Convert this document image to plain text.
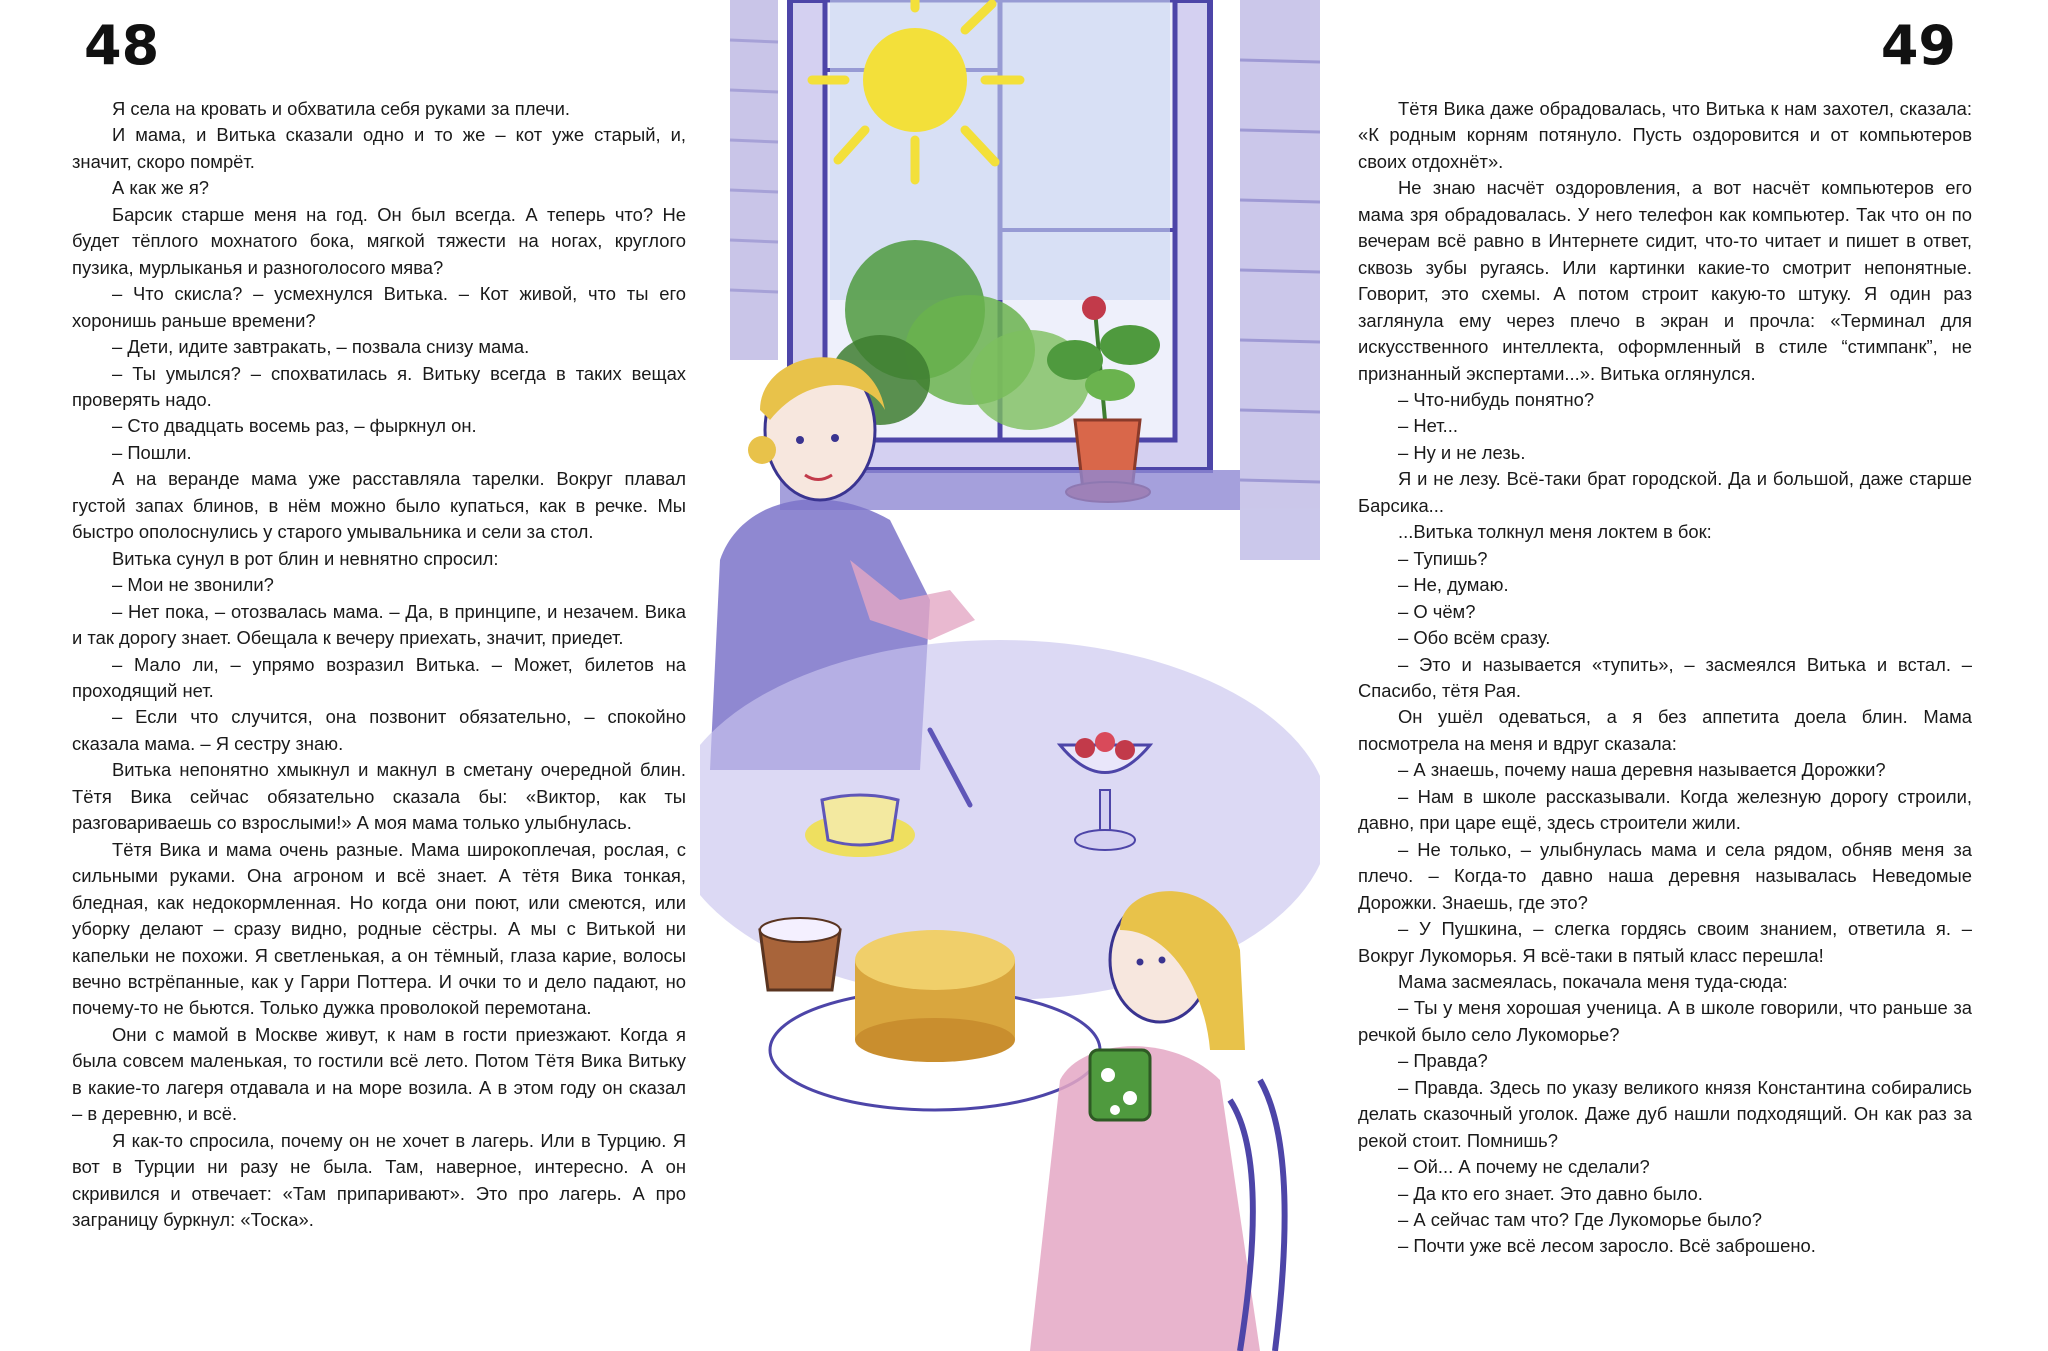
48	49

Я села на кровать и обхватила себя руками за плечи.

И мама, и Витька сказали одно и то же – кот уже старый, и, значит, скоро помрёт.

А как же я?

Барсик старше меня на год. Он был всегда. А теперь что? Не будет тёплого мохнатого бока, мягкой тяжести на ногах, круглого пузика, мурлыканья и разноголосого мява?

– Что скисла? – усмехнулся Витька. – Кот живой, что ты его хоронишь раньше времени?

– Дети, идите завтракать, – позвала снизу мама.

– Ты умылся? – спохватилась я. Витьку всегда в таких вещах проверять надо.

– Сто двадцать восемь раз, – фыркнул он.

– Пошли.

А на веранде мама уже расставляла тарелки. Вокруг плавал густой запах блинов, в нём можно было купаться, как в речке. Мы быстро ополоснулись у старого умывальника и сели за стол.

Витька сунул в рот блин и невнятно спросил:

– Мои не звонили?

– Нет пока, – отозвалась мама. – Да, в принципе, и незачем. Вика и так дорогу знает. Обещала к вечеру приехать, значит, приедет.

– Мало ли, – упрямо возразил Витька. – Может, билетов на проходящий нет.

– Если что случится, она позвонит обязательно, – спокойно сказала мама. – Я сестру знаю.

Витька непонятно хмыкнул и макнул в сметану очередной блин. Тётя Вика сейчас обязательно сказала бы: «Виктор, как ты разговариваешь со взрослыми!» А моя мама только улыбнулась.

Тётя Вика и мама очень разные. Мама широкоплечая, рослая, с сильными руками. Она агроном и всё знает. А тётя Вика тонкая, бледная, как недокормленная. Но когда они поют, или смеются, или уборку делают – сразу видно, родные сёстры. А мы с Витькой ни капельки не похожи. Я светленькая, а он тёмный, глаза карие, волосы вечно встрёпанные, как у Гарри Поттера. И очки то и дело падают, но почему-то не бьются. Только дужка проволокой перемотана.

Они с мамой в Москве живут, к нам в гости приезжают. Когда я была совсем маленькая, то гостили всё лето. Потом Тётя Вика Витьку в какие-то лагеря отдавала и на море возила. А в этом году он сказал – в деревню, и всё.

Я как-то спросила, почему он не хочет в лагерь. Или в Турцию. Я вот в Турции ни разу не была. Там, наверное, интересно. А он скривился и отвечает: «Там припаривают». Это про лагерь. А про заграницу буркнул: «Тоска».

Тётя Вика даже обрадовалась, что Витька к нам захотел, сказала: «К родным корням потянуло. Пусть оздоровится и от компьютеров своих отдохнёт».

Не знаю насчёт оздоровления, а вот насчёт компьютеров его мама зря обрадовалась. У него телефон как компьютер. Так что он по вечерам всё равно в Интернете сидит, что-то читает и пишет в ответ, сквозь зубы ругаясь. Или картинки какие-то смотрит непонятные. Говорит, это схемы. А потом строит какую-то штуку. Я один раз заглянула ему через плечо в экран и прочла: «Терминал для искусственного интеллекта, оформленный в стиле “стимпанк”, не признанный экспертами...». Витька оглянулся.

– Что-нибудь понятно?

– Нет...

– Ну и не лезь.

Я и не лезу. Всё-таки брат городской. Да и большой, даже старше Барсика...

...Витька толкнул меня локтем в бок:

– Тупишь?

– Не, думаю.

– О чём?

– Обо всём сразу.

– Это и называется «тупить», – засмеялся Витька и встал. – Спасибо, тётя Рая.

Он ушёл одеваться, а я без аппетита доела блин. Мама посмотрела на меня и вдруг сказала:

– А знаешь, почему наша деревня называется Дорожки?

– Нам в школе рассказывали. Когда железную дорогу строили, давно, при царе ещё, здесь строители жили.

– Не только, – улыбнулась мама и села рядом, обняв меня за плечо. – Когда-то давно наша деревня называлась Неведомые Дорожки. Знаешь, где это?

– У Пушкина, – слегка гордясь своим знанием, ответила я. – Вокруг Лукоморья. Я всё-таки в пятый класс перешла!

Мама засмеялась, покачала меня туда-сюда:

– Ты у меня хорошая ученица. А в школе говорили, что раньше за речкой было село Лукоморье?

– Правда?

– Правда. Здесь по указу великого князя Константина собирались делать сказочный уголок. Даже дуб нашли подходящий. Он как раз за рекой стоит. Помнишь?

– Ой... А почему не сделали?

– Да кто его знает. Это давно было.

– А сейчас там что? Где Лукоморье было?

– Почти уже всё лесом заросло. Всё заброшено.
